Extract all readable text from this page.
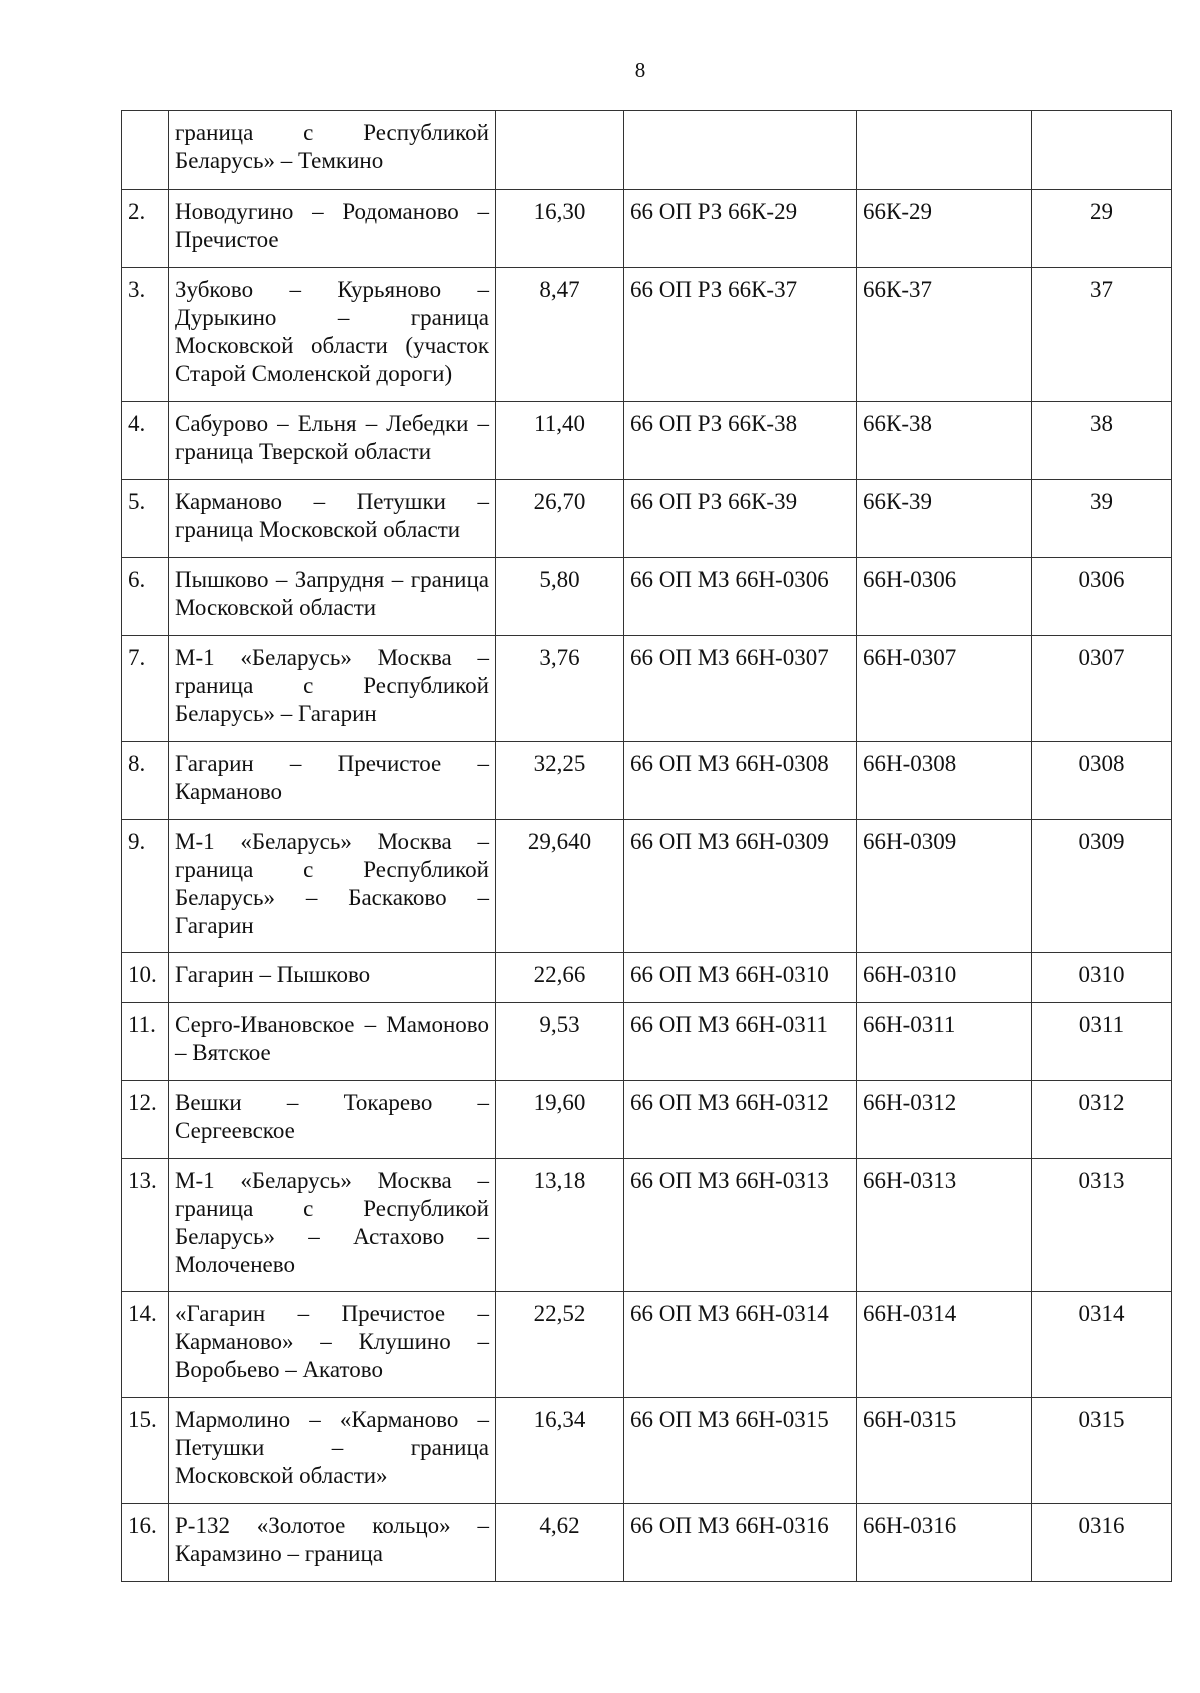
8
	граница с Республикой Беларусь» – Темкино				
2.	Новодугино – Родоманово – Пречистое	16,30	66 ОП РЗ 66К-29	66К-29	29
3.	Зубково – Курьяново – Дурыкино – граница Московской области (участок Старой Смоленской дороги)	8,47	66 ОП РЗ 66К-37	66К-37	37
4.	Сабурово – Ельня – Лебедки – граница Тверской области	11,40	66 ОП РЗ 66К-38	66К-38	38
5.	Карманово – Петушки – граница Московской области	26,70	66 ОП РЗ 66К-39	66К-39	39
6.	Пышково – Запрудня – граница Московской области	5,80	66 ОП МЗ 66Н-0306	66Н-0306	0306
7.	М-1 «Беларусь» Москва – граница с Республикой Беларусь» – Гагарин	3,76	66 ОП МЗ 66Н-0307	66Н-0307	0307
8.	Гагарин – Пречистое – Карманово	32,25	66 ОП МЗ 66Н-0308	66Н-0308	0308
9.	М-1 «Беларусь» Москва – граница с Республикой Беларусь» – Баскаково – Гагарин	29,640	66 ОП МЗ 66Н-0309	66Н-0309	0309
10.	Гагарин – Пышково	22,66	66 ОП МЗ 66Н-0310	66Н-0310	0310
11.	Серго-Ивановское – Мамоново – Вятское	9,53	66 ОП МЗ 66Н-0311	66Н-0311	0311
12.	Вешки – Токарево – Сергеевское	19,60	66 ОП МЗ 66Н-0312	66Н-0312	0312
13.	М-1 «Беларусь» Москва – граница с Республикой Беларусь» – Астахово – Молоченево	13,18	66 ОП МЗ 66Н-0313	66Н-0313	0313
14.	«Гагарин – Пречистое – Карманово» – Клушино – Воробьево – Акатово	22,52	66 ОП МЗ 66Н-0314	66Н-0314	0314
15.	Мармолино – «Карманово – Петушки – граница Московской области»	16,34	66 ОП МЗ 66Н-0315	66Н-0315	0315
16.	Р-132 «Золотое кольцо» – Карамзино – граница	4,62	66 ОП МЗ 66Н-0316	66Н-0316	0316
